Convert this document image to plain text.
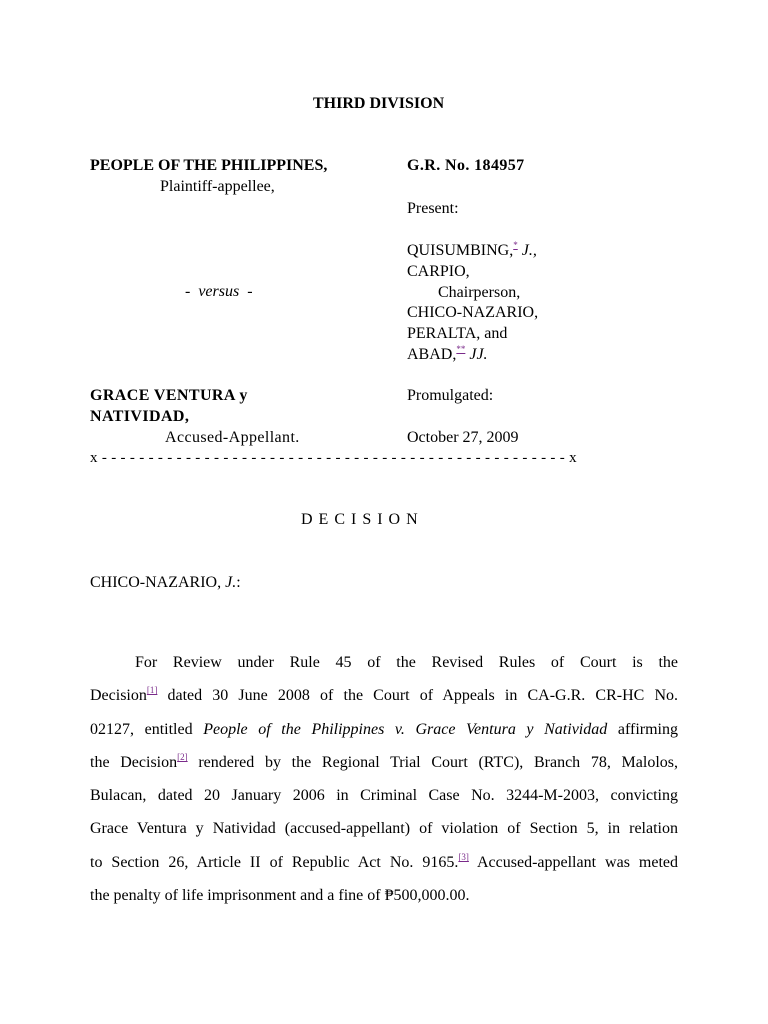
THIRD DIVISION
PEOPLE OF THE PHILIPPINES,
Plaintiff-appellee,
- versus -
GRACE VENTURA y
NATIVIDAD,
Accused-Appellant.
G.R. No. 184957
Present:
QUISUMBING,* J.,
CARPIO,
Chairperson,
CHICO-NAZARIO,
PERALTA, and
ABAD,** JJ.
Promulgated:
October 27, 2009
x - - - - - - - - - - - - - - - - - - - - - - - - - - - - - - - - - - - - - - - - - - - - - - - - - - x
D E C I S I O N
CHICO-NAZARIO, J.:
For Review under Rule 45 of the Revised Rules of Court is the
Decision[1] dated 30 June 2008 of the Court of Appeals in CA-G.R. CR-HC No.
02127, entitled People of the Philippines v. Grace Ventura y Natividad affirming
the Decision[2] rendered by the Regional Trial Court (RTC), Branch 78, Malolos,
Bulacan, dated 20 January 2006 in Criminal Case No. 3244-M-2003, convicting
Grace Ventura y Natividad (accused-appellant) of violation of Section 5, in relation
to Section 26, Article II of Republic Act No. 9165.[3] Accused-appellant was meted
the penalty of life imprisonment and a fine of ₱500,000.00.
